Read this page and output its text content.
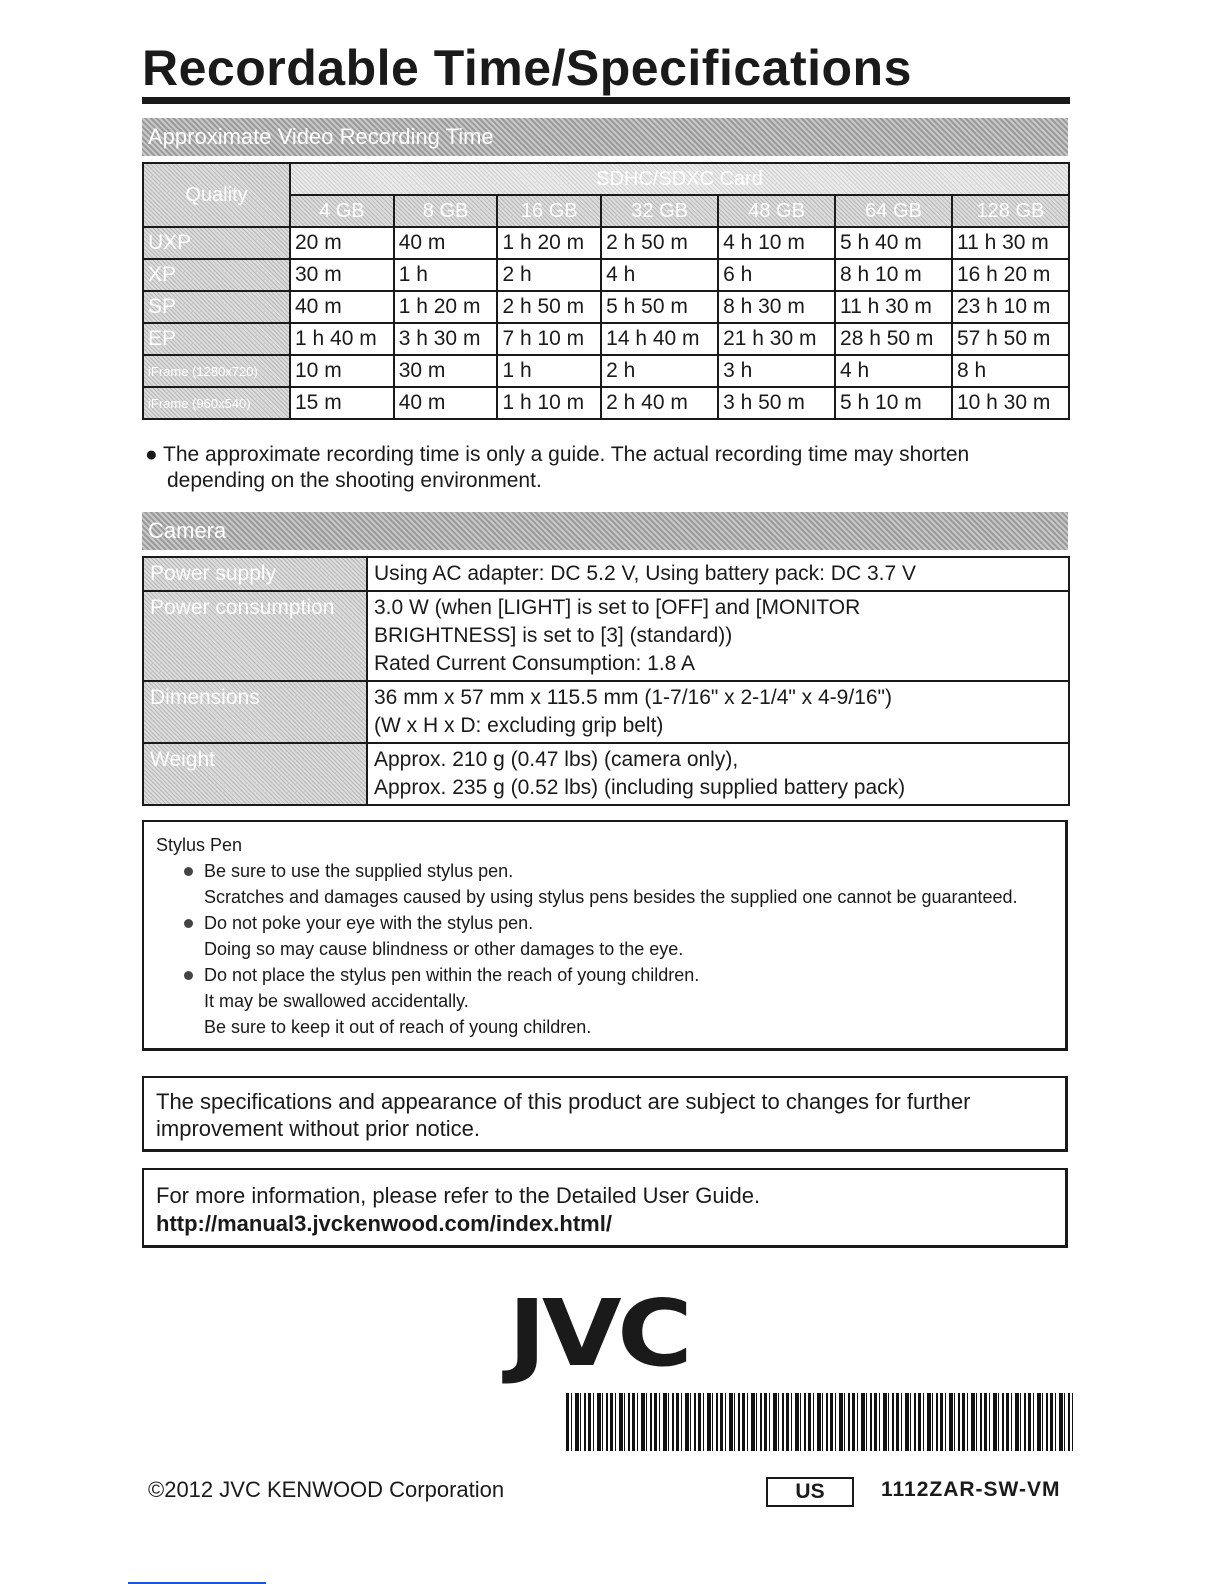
Recordable Time/Specifications
Approximate Video Recording Time
Quality	SDHC/SDXC Card						
	4 GB	8 GB	16 GB	32 GB	48 GB	64 GB	128 GB
UXP	20 m	40 m	1 h 20 m	2 h 50 m	4 h 10 m	5 h 40 m	11 h 30 m
XP	30 m	1 h	2 h	4 h	6 h	8 h 10 m	16 h 20 m
SP	40 m	1 h 20 m	2 h 50 m	5 h 50 m	8 h 30 m	11 h 30 m	23 h 10 m
EP	1 h 40 m	3 h 30 m	7 h 10 m	14 h 40 m	21 h 30 m	28 h 50 m	57 h 50 m
iFrame (1280x720)	10 m	30 m	1 h	2 h	3 h	4 h	8 h
iFrame (960x540)	15 m	40 m	1 h 10 m	2 h 40 m	3 h 50 m	5 h 10 m	10 h 30 m
● The approximate recording time is only a guide. The actual recording time may shorten
depending on the shooting environment.
Camera
Power supply	Using AC adapter: DC 5.2 V, Using battery pack: DC 3.7 V
Power consumption	3.0 W (when [LIGHT] is set to [OFF] and [MONITOR
BRIGHTNESS] is set to [3] (standard))
Rated Current Consumption: 1.8 A

Dimensions	36 mm x 57 mm x 115.5 mm (1-7/16" x 2-1/4" x 4-9/16")
(W x H x D: excluding grip belt)

Weight	Approx. 210 g (0.47 lbs) (camera only),
Approx. 235 g (0.52 lbs) (including supplied battery pack)
Stylus Pen
Be sure to use the supplied stylus pen.
Scratches and damages caused by using stylus pens besides the supplied one cannot be guaranteed.
Do not poke your eye with the stylus pen.
Doing so may cause blindness or other damages to the eye.
Do not place the stylus pen within the reach of young children.
It may be swallowed accidentally.
Be sure to keep it out of reach of young children.
The specifications and appearance of this product are subject to changes for further
improvement without prior notice.
For more information, please refer to the Detailed User Guide.
http://manual3.jvckenwood.com/index.html/
JVC
©2012 JVC KENWOOD Corporation	US	1112ZAR-SW-VM
